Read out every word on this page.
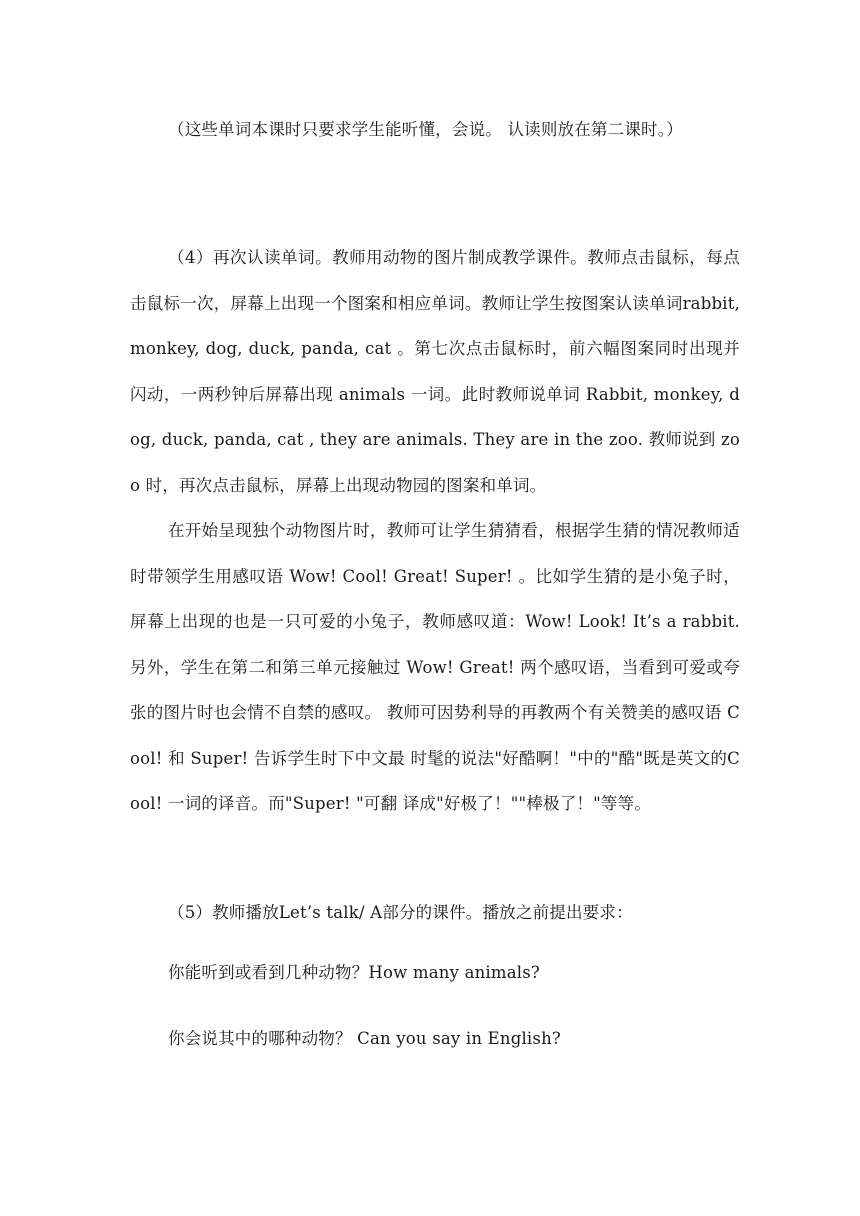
（这些单词本课时只要求学生能听懂，会说。 认读则放在第二课时。）

（4）再次认读单词。教师用动物的图片制成教学课件。教师点击鼠标，每点击鼠标一次，屏幕上出现一个图案和相应单词。教师让学生按图案认读单词rabbit, monkey, dog, duck, panda, cat 。第七次点击鼠标时，前六幅图案同时出现并闪动，一两秒钟后屏幕出现 animals 一词。此时教师说单词 Rabbit, monkey, dog, duck, panda, cat , they are animals. They are in the zoo. 教师说到 zoo 时，再次点击鼠标，屏幕上出现动物园的图案和单词。

在开始呈现独个动物图片时，教师可让学生猜猜看，根据学生猜的情况教师适时带领学生用感叹语 Wow! Cool! Great! Super! 。比如学生猜的是小兔子时，屏幕上出现的也是一只可爱的小兔子，教师感叹道：Wow! Look! It’s a rabbit. 另外，学生在第二和第三单元接触过 Wow! Great! 两个感叹语，当看到可爱或夸张的图片时也会情不自禁的感叹。 教师可因势利导的再教两个有关赞美的感叹语 Cool! 和 Super! 告诉学生时下中文最 时髦的说法"好酷啊！"中的"酷"既是英文的Cool! 一词的译音。而"Super! "可翻 译成"好极了！""棒极了！"等等。

（5）教师播放Let’s talk/ A部分的课件。播放之前提出要求：

你能听到或看到几种动物？How many animals?

你会说其中的哪种动物？ Can you say in English?
